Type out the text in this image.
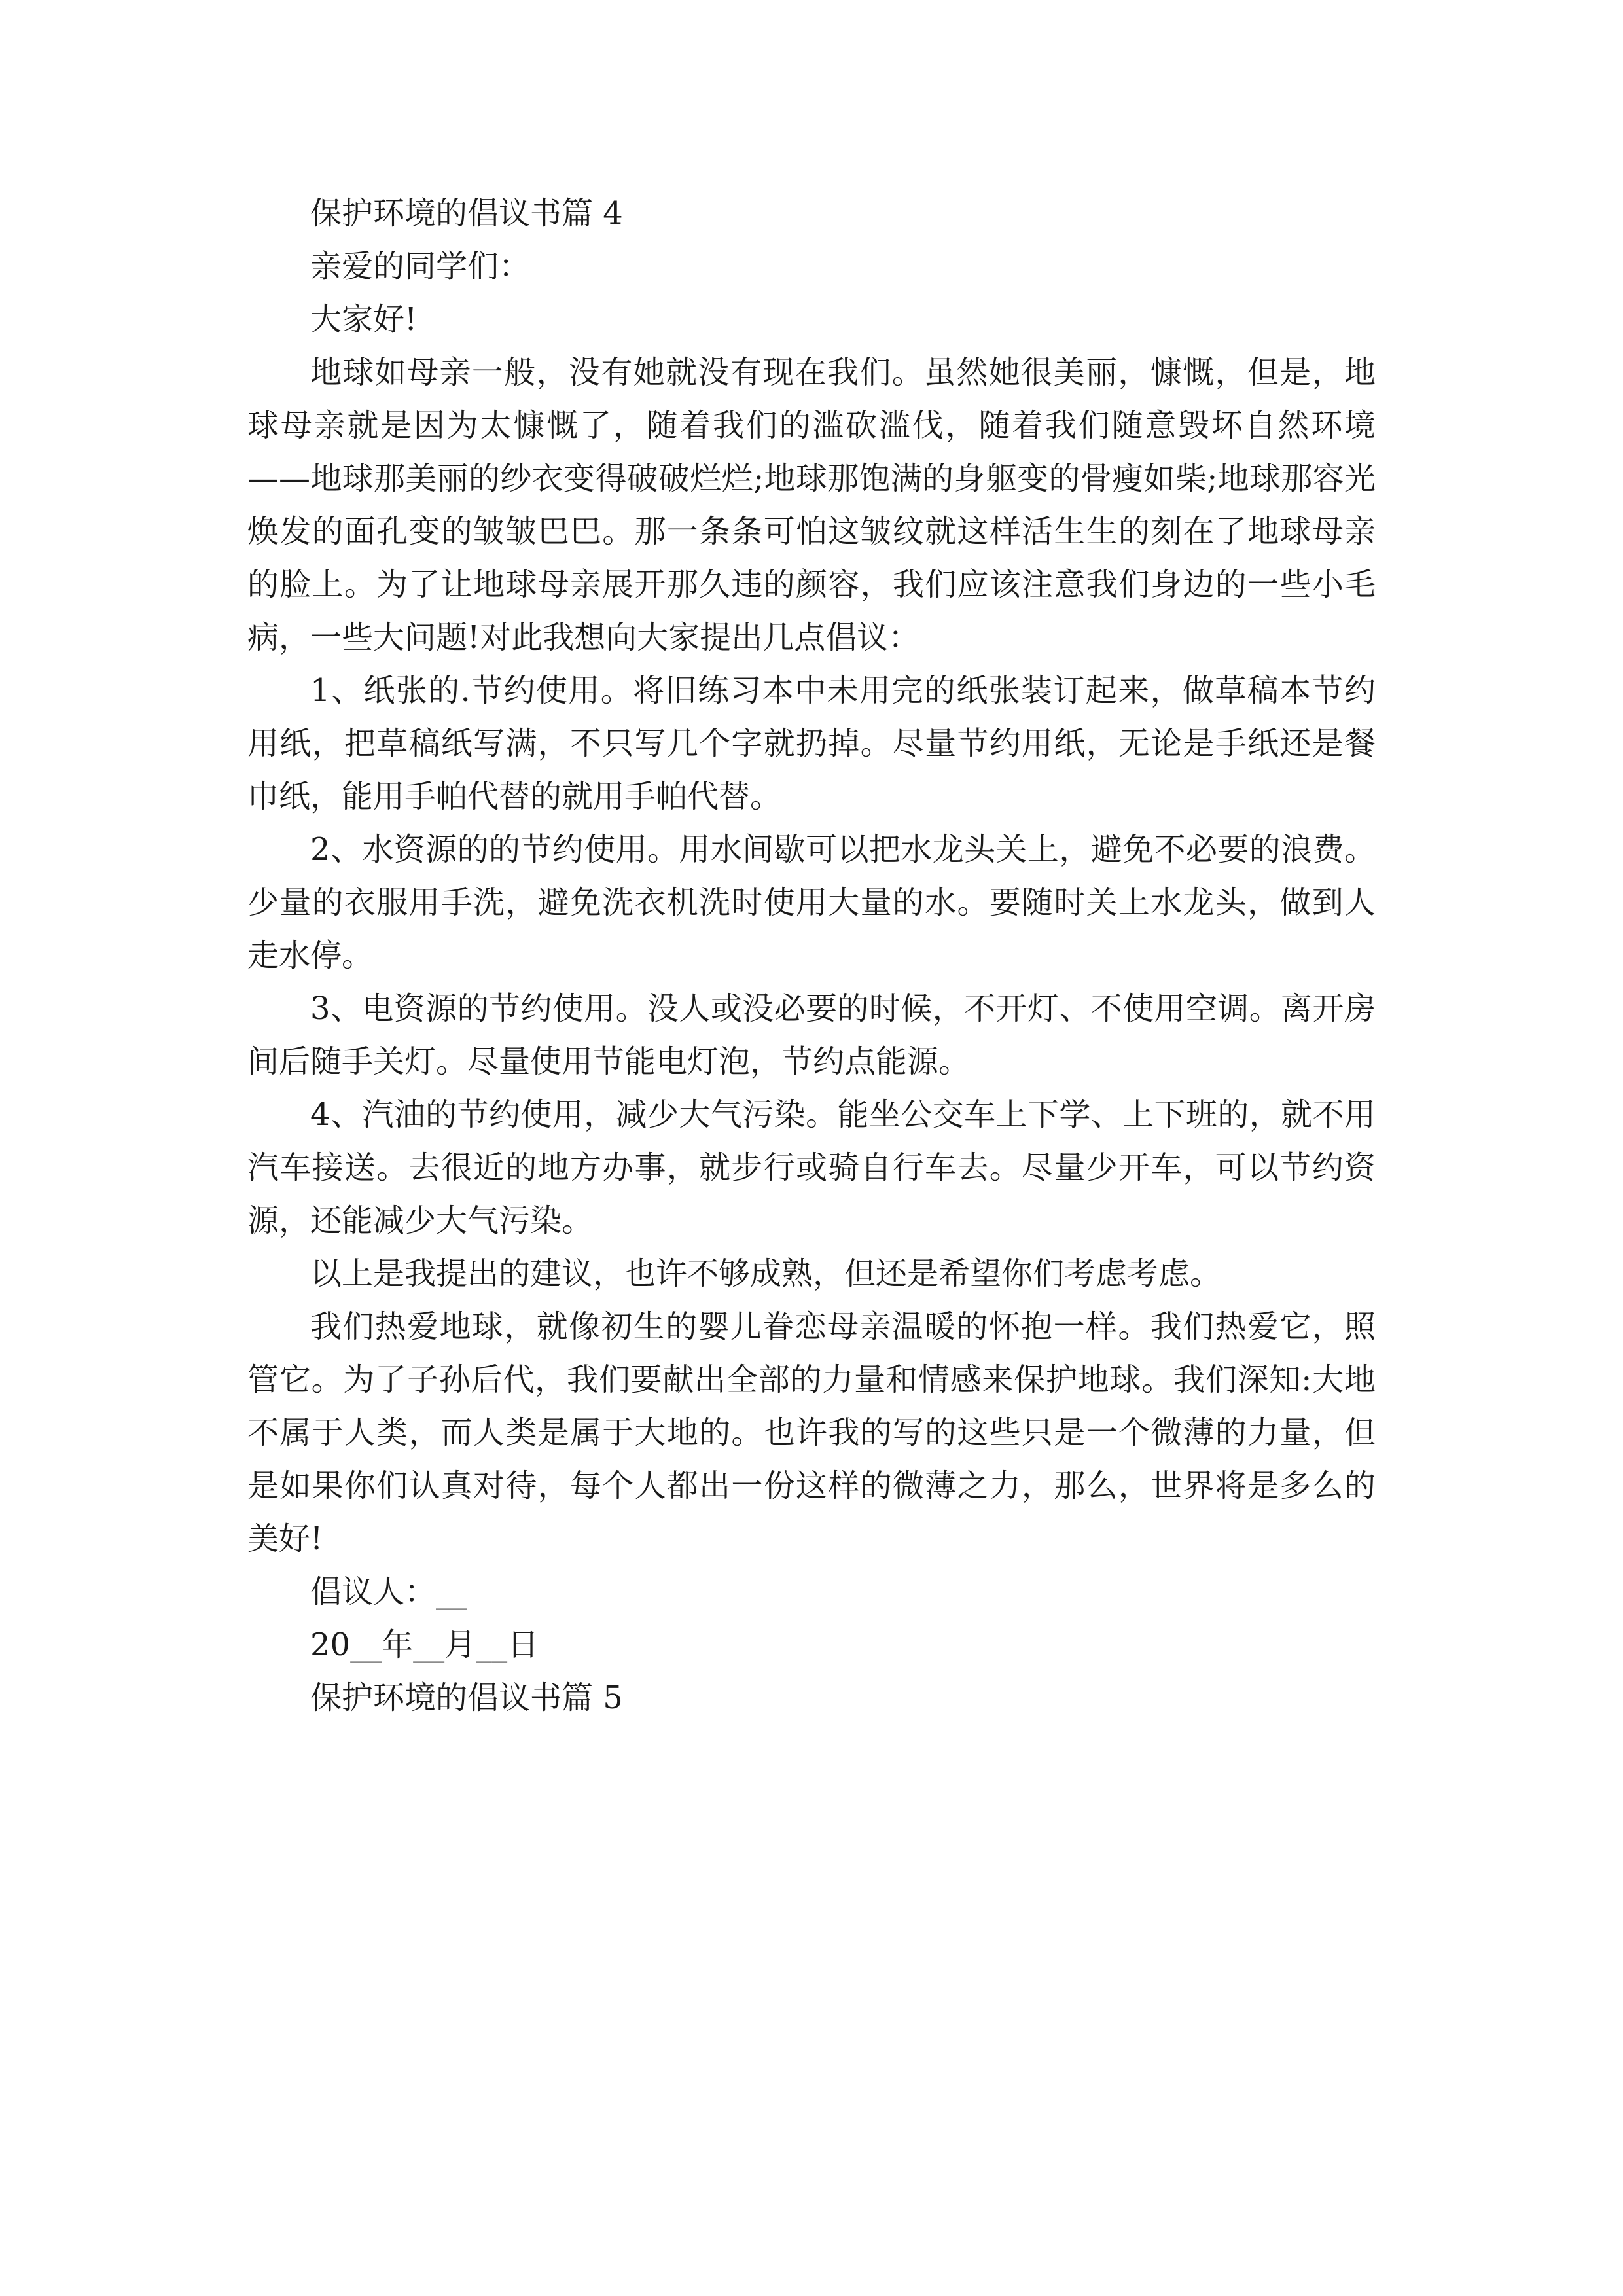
保护环境的倡议书篇 4

亲爱的同学们：

大家好!

地球如母亲一般，没有她就没有现在我们。虽然她很美丽，慷慨，但是，地球母亲就是因为太慷慨了，随着我们的滥砍滥伐，随着我们随意毁坏自然环境——地球那美丽的纱衣变得破破烂烂;地球那饱满的身躯变的骨瘦如柴;地球那容光焕发的面孔变的皱皱巴巴。那一条条可怕这皱纹就这样活生生的刻在了地球母亲的脸上。为了让地球母亲展开那久违的颜容，我们应该注意我们身边的一些小毛病，一些大问题!对此我想向大家提出几点倡议：

1、纸张的.节约使用。将旧练习本中未用完的纸张装订起来，做草稿本节约用纸，把草稿纸写满，不只写几个字就扔掉。尽量节约用纸，无论是手纸还是餐巾纸，能用手帕代替的就用手帕代替。

2、水资源的的节约使用。用水间歇可以把水龙头关上，避免不必要的浪费。少量的衣服用手洗，避免洗衣机洗时使用大量的水。要随时关上水龙头，做到人走水停。

3、电资源的节约使用。没人或没必要的时候，不开灯、不使用空调。离开房间后随手关灯。尽量使用节能电灯泡，节约点能源。

4、汽油的节约使用，减少大气污染。能坐公交车上下学、上下班的，就不用汽车接送。去很近的地方办事，就步行或骑自行车去。尽量少开车，可以节约资源，还能减少大气污染。

以上是我提出的建议，也许不够成熟，但还是希望你们考虑考虑。

我们热爱地球，就像初生的婴儿眷恋母亲温暖的怀抱一样。我们热爱它，照管它。为了子孙后代，我们要献出全部的力量和情感来保护地球。我们深知:大地不属于人类，而人类是属于大地的。也许我的写的这些只是一个微薄的力量，但是如果你们认真对待，每个人都出一份这样的微薄之力，那么，世界将是多么的美好!

倡议人：__

20__年__月__日

保护环境的倡议书篇 5
